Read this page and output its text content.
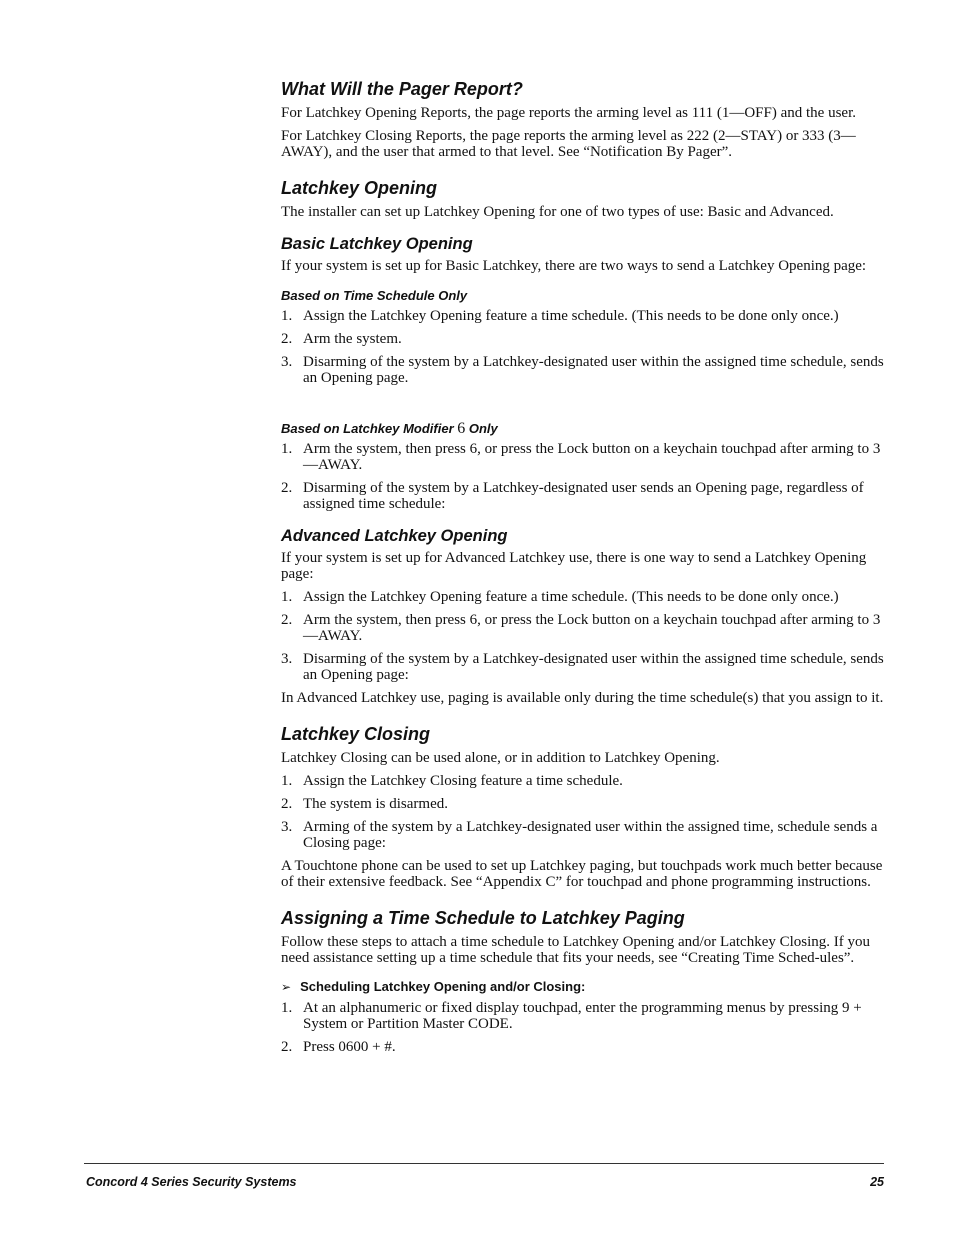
What Will the Pager Report?

For Latchkey Opening Reports, the page reports the arming level as 111 (1—OFF) and the user.

For Latchkey Closing Reports, the page reports the arming level as 222 (2—STAY) or 333 (3—AWAY), and the user that armed to that level. See “Notification By Pager”.

Latchkey Opening

The installer can set up Latchkey Opening for one of two types of use: Basic and Advanced.

Basic Latchkey Opening

If your system is set up for Basic Latchkey, there are two ways to send a Latchkey Opening page:

Based on Time Schedule Only
1. Assign the Latchkey Opening feature a time schedule. (This needs to be done only once.)
2. Arm the system.
3. Disarming of the system by a Latchkey-designated user within the assigned time schedule, sends an Opening page.
Based on Latchkey Modifier 6 Only
1. Arm the system, then press 6, or press the Lock button on a keychain touchpad after arming to 3—AWAY.
2. Disarming of the system by a Latchkey-designated user sends an Opening page, regardless of assigned time schedule:
Advanced Latchkey Opening

If your system is set up for Advanced Latchkey use, there is one way to send a Latchkey Opening page:

1. Assign the Latchkey Opening feature a time schedule. (This needs to be done only once.)
2. Arm the system, then press 6, or press the Lock button on a keychain touchpad after arming to 3—AWAY.
3. Disarming of the system by a Latchkey-designated user within the assigned time schedule, sends an Opening page:

In Advanced Latchkey use, paging is available only during the time schedule(s) that you assign to it.

Latchkey Closing

Latchkey Closing can be used alone, or in addition to Latchkey Opening.

1. Assign the Latchkey Closing feature a time schedule.
2. The system is disarmed.
3. Arming of the system by a Latchkey-designated user within the assigned time, schedule sends a Closing page:

A Touchtone phone can be used to set up Latchkey paging, but touchpads work much better because of their extensive feedback. See “Appendix C” for touchpad and phone programming instructions.

Assigning a Time Schedule to Latchkey Paging

Follow these steps to attach a time schedule to Latchkey Opening and/or Latchkey Closing. If you need assistance setting up a time schedule that fits your needs, see “Creating Time Sched-ules”.

➢ Scheduling Latchkey Opening and/or Closing:
1. At an alphanumeric or fixed display touchpad, enter the programming menus by pressing 9 + System or Partition Master CODE.
2. Press 0600 + #.
Concord 4 Series Security Systems	25
